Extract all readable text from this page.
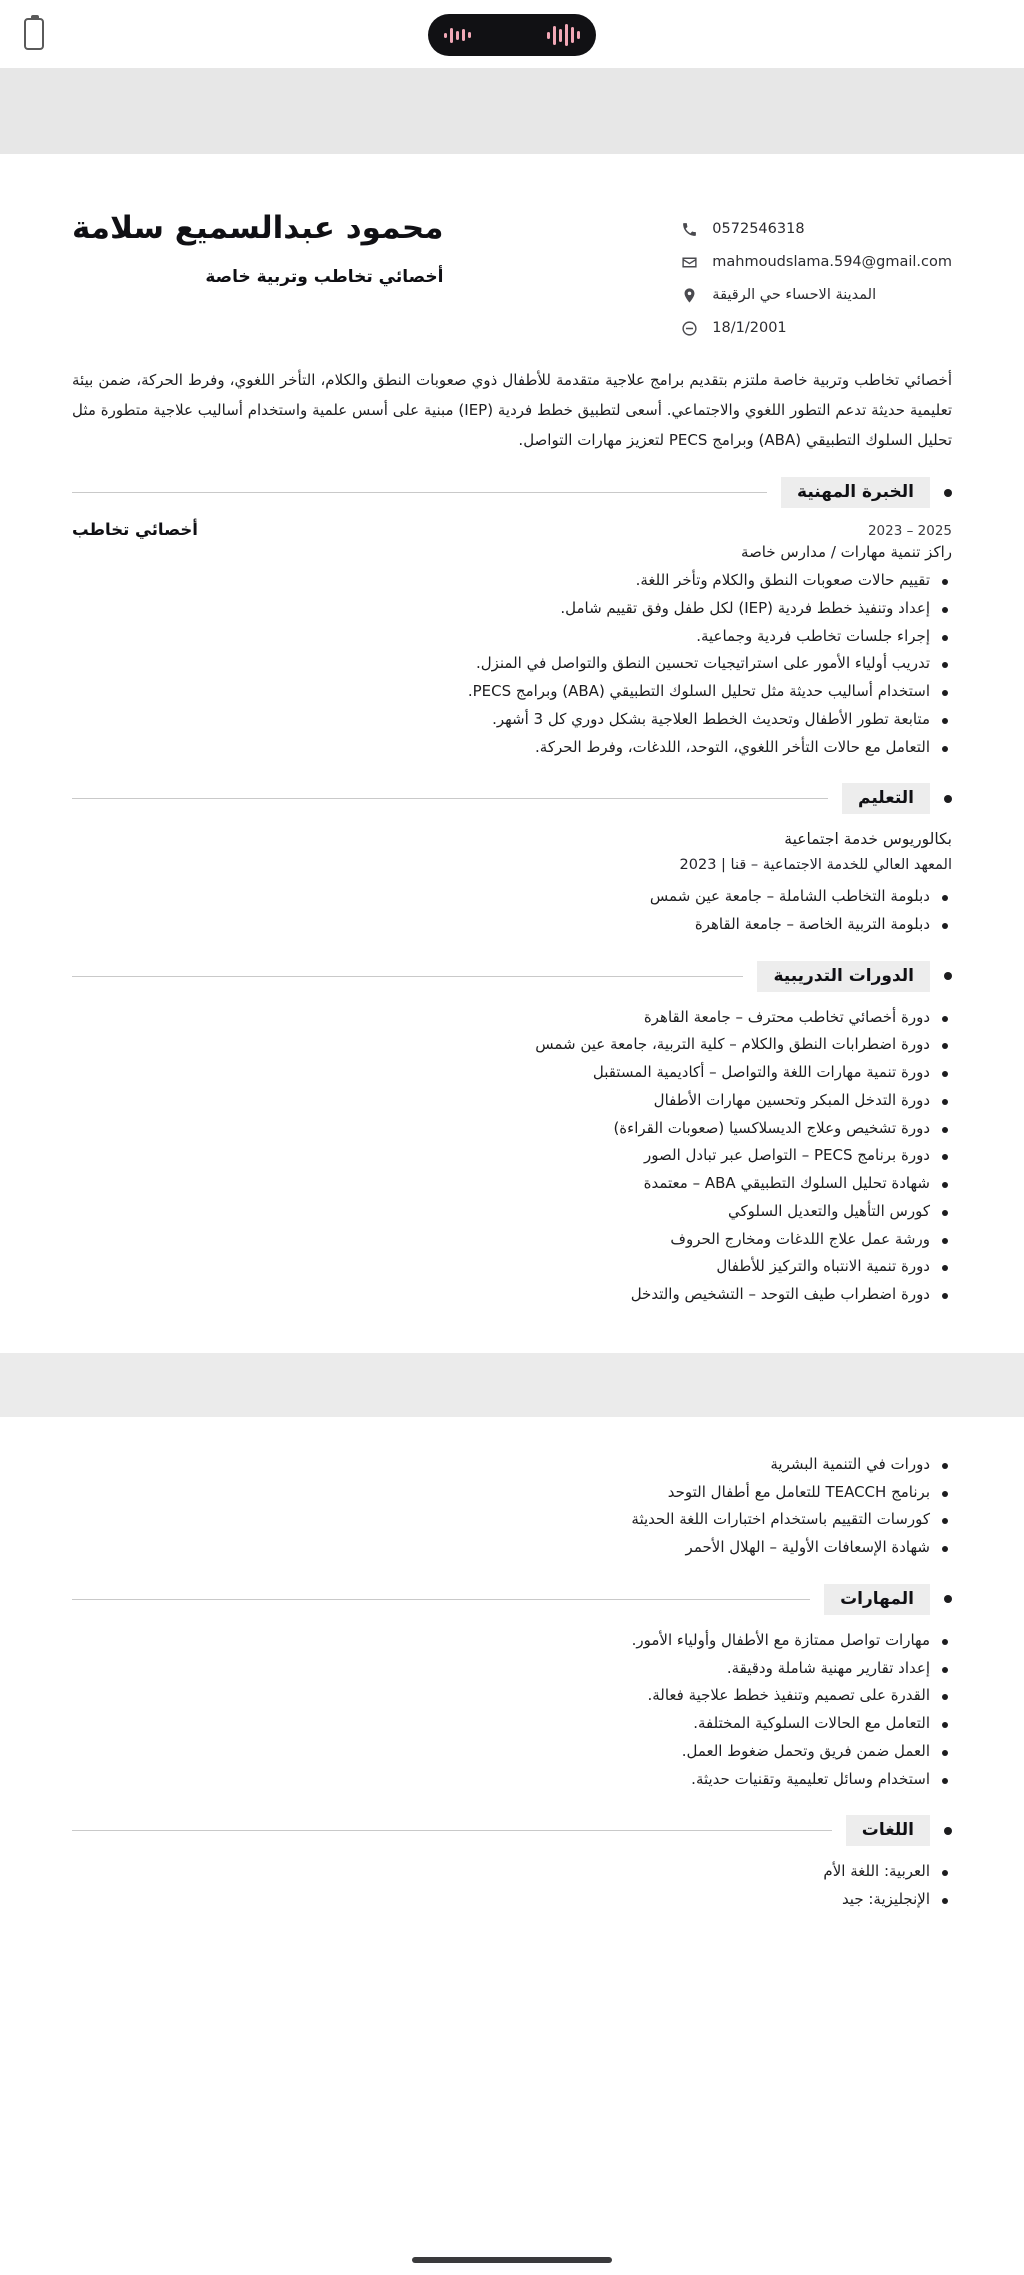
محمود عبدالسميع سلامة
أخصائي تخاطب وتربية خاصة
0572546318
mahmoudslama.594@gmail.com
المدينة الاحساء حي الرقيقة
18/1/2001

أخصائي تخاطب وتربية خاصة ملتزم بتقديم برامج علاجية متقدمة للأطفال ذوي صعوبات النطق والكلام، التأخر اللغوي، وفرط الحركة، ضمن بيئة تعليمية حديثة تدعم التطور اللغوي والاجتماعي. أسعى لتطبيق خطط فردية (IEP) مبنية على أسس علمية واستخدام أساليب علاجية متطورة مثل تحليل السلوك التطبيقي (ABA) وبرامج PECS لتعزيز مهارات التواصل.

الخبرة المهنية
أخصائي تخاطب	2023 – 2025
راكز تنمية مهارات / مدارس خاصة
تقييم حالات صعوبات النطق والكلام وتأخر اللغة.
إعداد وتنفيذ خطط فردية (IEP) لكل طفل وفق تقييم شامل.
إجراء جلسات تخاطب فردية وجماعية.
تدريب أولياء الأمور على استراتيجيات تحسين النطق والتواصل في المنزل.
استخدام أساليب حديثة مثل تحليل السلوك التطبيقي (ABA) وبرامج PECS.
متابعة تطور الأطفال وتحديث الخطط العلاجية بشكل دوري كل 3 أشهر.
التعامل مع حالات التأخر اللغوي، التوحد، اللدغات، وفرط الحركة.
التعليم
بكالوريوس خدمة اجتماعية
المعهد العالي للخدمة الاجتماعية – قنا | 2023
دبلومة التخاطب الشاملة – جامعة عين شمس
دبلومة التربية الخاصة – جامعة القاهرة
الدورات التدريبية
دورة أخصائي تخاطب محترف – جامعة القاهرة
دورة اضطرابات النطق والكلام – كلية التربية، جامعة عين شمس
دورة تنمية مهارات اللغة والتواصل – أكاديمية المستقبل
دورة التدخل المبكر وتحسين مهارات الأطفال
دورة تشخيص وعلاج الديسلاكسيا (صعوبات القراءة)
دورة برنامج PECS – التواصل عبر تبادل الصور
شهادة تحليل السلوك التطبيقي ABA – معتمدة
كورس التأهيل والتعديل السلوكي
ورشة عمل علاج اللدغات ومخارج الحروف
دورة تنمية الانتباه والتركيز للأطفال
دورة اضطراب طيف التوحد – التشخيص والتدخل
دورات في التنمية البشرية
برنامج TEACCH للتعامل مع أطفال التوحد
كورسات التقييم باستخدام اختبارات اللغة الحديثة
شهادة الإسعافات الأولية – الهلال الأحمر
المهارات
مهارات تواصل ممتازة مع الأطفال وأولياء الأمور.
إعداد تقارير مهنية شاملة ودقيقة.
القدرة على تصميم وتنفيذ خطط علاجية فعالة.
التعامل مع الحالات السلوكية المختلفة.
العمل ضمن فريق وتحمل ضغوط العمل.
استخدام وسائل تعليمية وتقنيات حديثة.
اللغات
العربية: اللغة الأم
الإنجليزية: جيد
